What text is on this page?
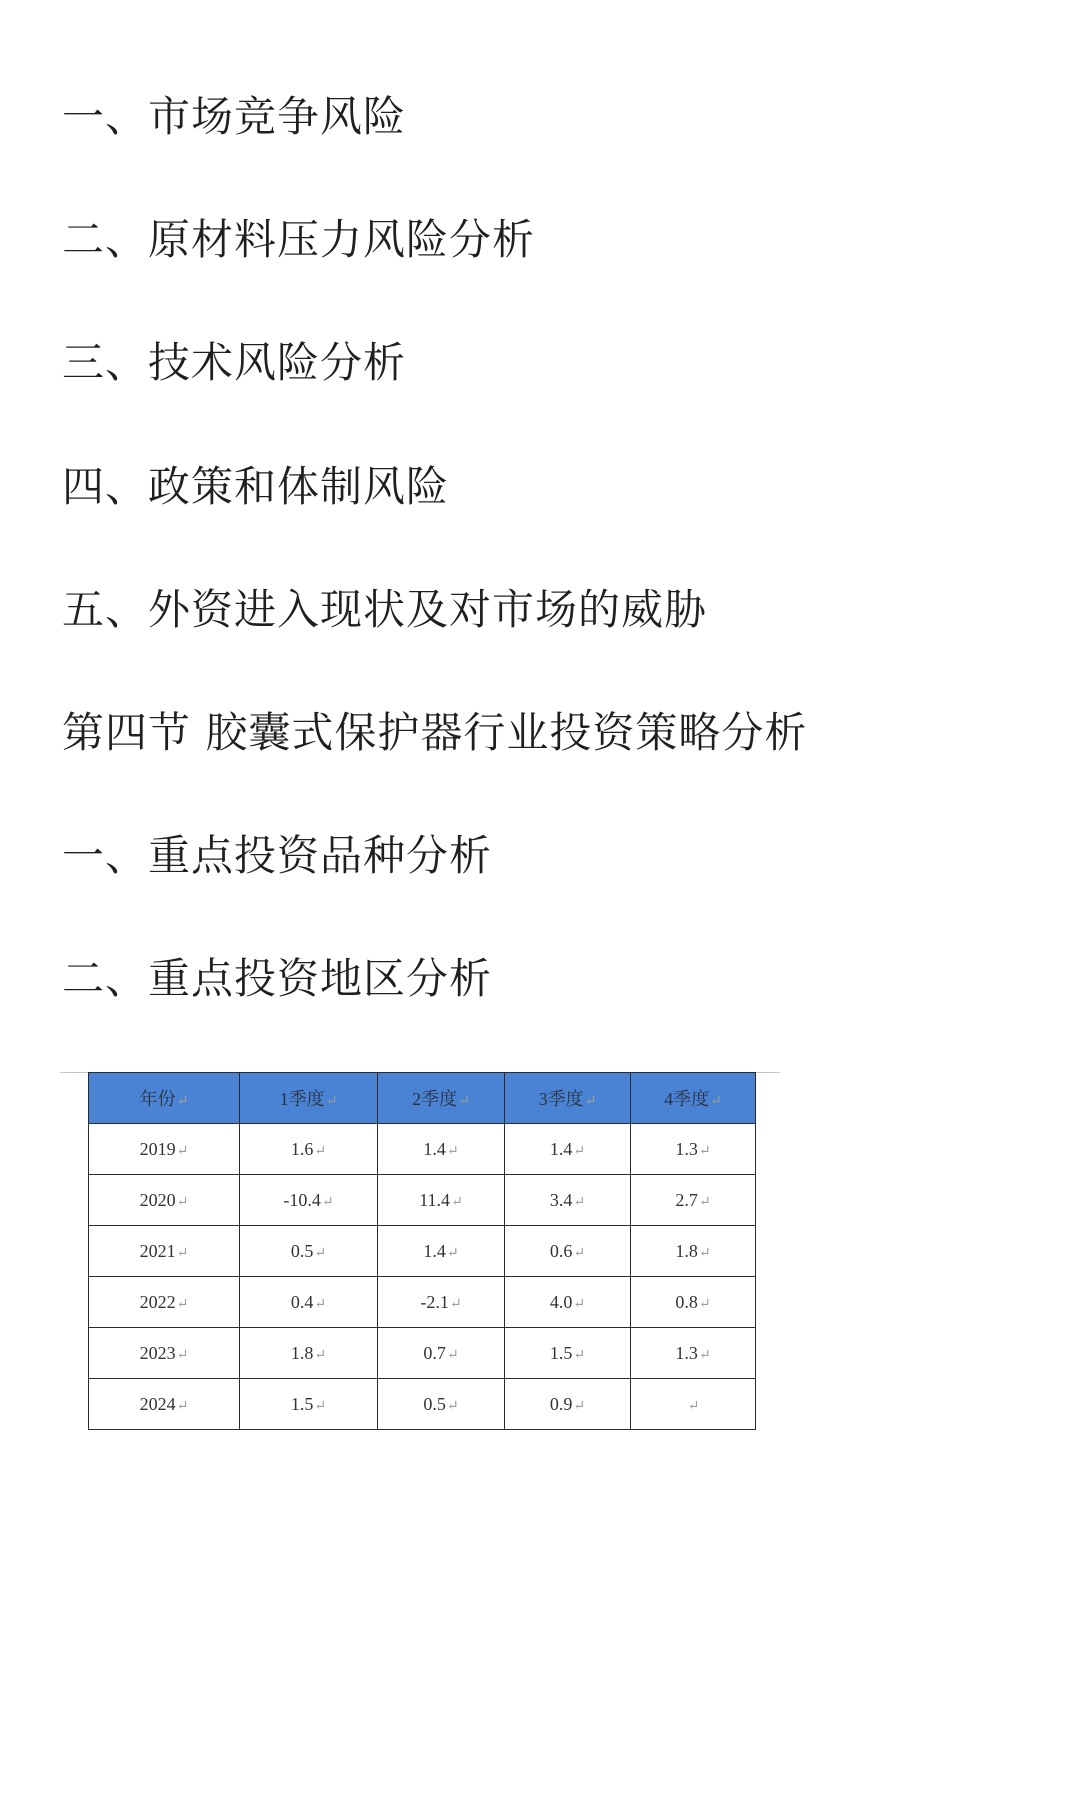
一、市场竞争风险
二、原材料压力风险分析
三、技术风险分析
四、政策和体制风险
五、外资进入现状及对市场的威胁
第四节 胶囊式保护器行业投资策略分析
一、重点投资品种分析
二、重点投资地区分析
年份↵	1季度↵	2季度↵	3季度↵	4季度↵
2019↵	1.6↵	1.4↵	1.4↵	1.3↵
2020↵	-10.4↵	11.4↵	3.4↵	2.7↵
2021↵	0.5↵	1.4↵	0.6↵	1.8↵
2022↵	0.4↵	-2.1↵	4.0↵	0.8↵
2023↵	1.8↵	0.7↵	1.5↵	1.3↵
2024↵	1.5↵	0.5↵	0.9↵	↵
